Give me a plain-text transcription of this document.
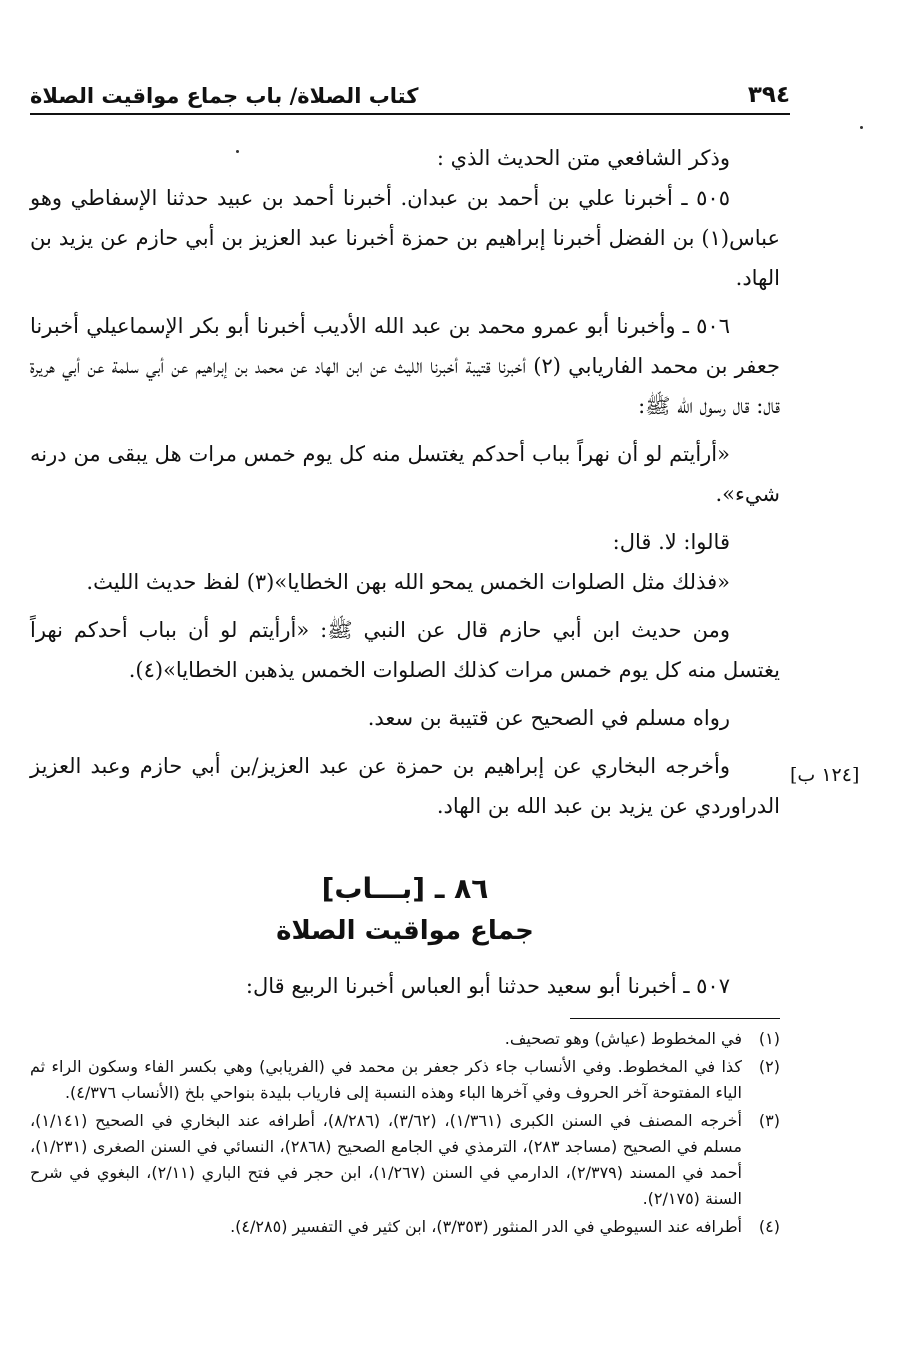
٣٩٤
كتاب الصلاة/ باب جماع مواقيت الصلاة

وذكر الشافعي متن الحديث الذي :

٥٠٥ ـ أخبرنا علي بن أحمد بن عبدان. أخبرنا أحمد بن عبيد حدثنا الإسفاطي وهو عباس(١) بن الفضل أخبرنا إبراهيم بن حمزة أخبرنا عبد العزيز بن أبي حازم عن يزيد بن الهاد.

٥٠٦ ـ وأخبرنا أبو عمرو محمد بن عبد الله الأديب أخبرنا أبو بكر الإسماعيلي أخبرنا جعفر بن محمد الفاريابي (٢) أخبرنا قتيبة أخبرنا الليث عن ابن الهاد عن محمد بن إبراهيم عن أبي سلمة عن أبي هريرة قال: قال رسول الله ﷺ:

«أرأيتم لو أن نهراً بباب أحدكم يغتسل منه كل يوم خمس مرات هل يبقى من درنه شيء».

قالوا: لا. قال:

«فذلك مثل الصلوات الخمس يمحو الله بهن الخطايا»(٣) لفظ حديث الليث.

ومن حديث ابن أبي حازم قال عن النبي ﷺ: «أرأيتم لو أن بباب أحدكم نهراً يغتسل منه كل يوم خمس مرات كذلك الصلوات الخمس يذهبن الخطايا»(٤).

رواه مسلم في الصحيح عن قتيبة بن سعد.

وأخرجه البخاري عن إبراهيم بن حمزة عن عبد العزيز/بن أبي حازم وعبد العزيز الدراوردي عن يزيد بن عبد الله بن الهاد.

[١٢٤ ب]
٨٦ ـ [بـــاب]
جماع مواقيت الصلاة

٥٠٧ ـ أخبرنا أبو سعيد حدثنا أبو العباس أخبرنا الربيع قال:

(١)
في المخطوط (عياش) وهو تصحيف.
(٢)
كذا في المخطوط. وفي الأنساب جاء ذكر جعفر بن محمد في (الفريابي) وهي بكسر الفاء وسكون الراء ثم الياء المفتوحة آخر الحروف وفي آخرها الباء وهذه النسبة إلى فارياب بليدة بنواحي بلخ (الأنساب ٤/٣٧٦).
(٣)
أخرجه المصنف في السنن الكبرى (١/٣٦١)، (٣/٦٢)، (٨/٢٨٦)، أطرافه عند البخاري في الصحيح (١/١٤١)، مسلم في الصحيح (مساجد ٢٨٣)، الترمذي في الجامع الصحيح (٢٨٦٨)، النسائي في السنن الصغرى (١/٢٣١)، أحمد في المسند (٢/٣٧٩)، الدارمي في السنن (١/٢٦٧)، ابن حجر في فتح الباري (٢/١١)، البغوي في شرح السنة (٢/١٧٥).
(٤)
أطرافه عند السيوطي في الدر المنثور (٣/٣٥٣)، ابن كثير في التفسير (٤/٢٨٥).
